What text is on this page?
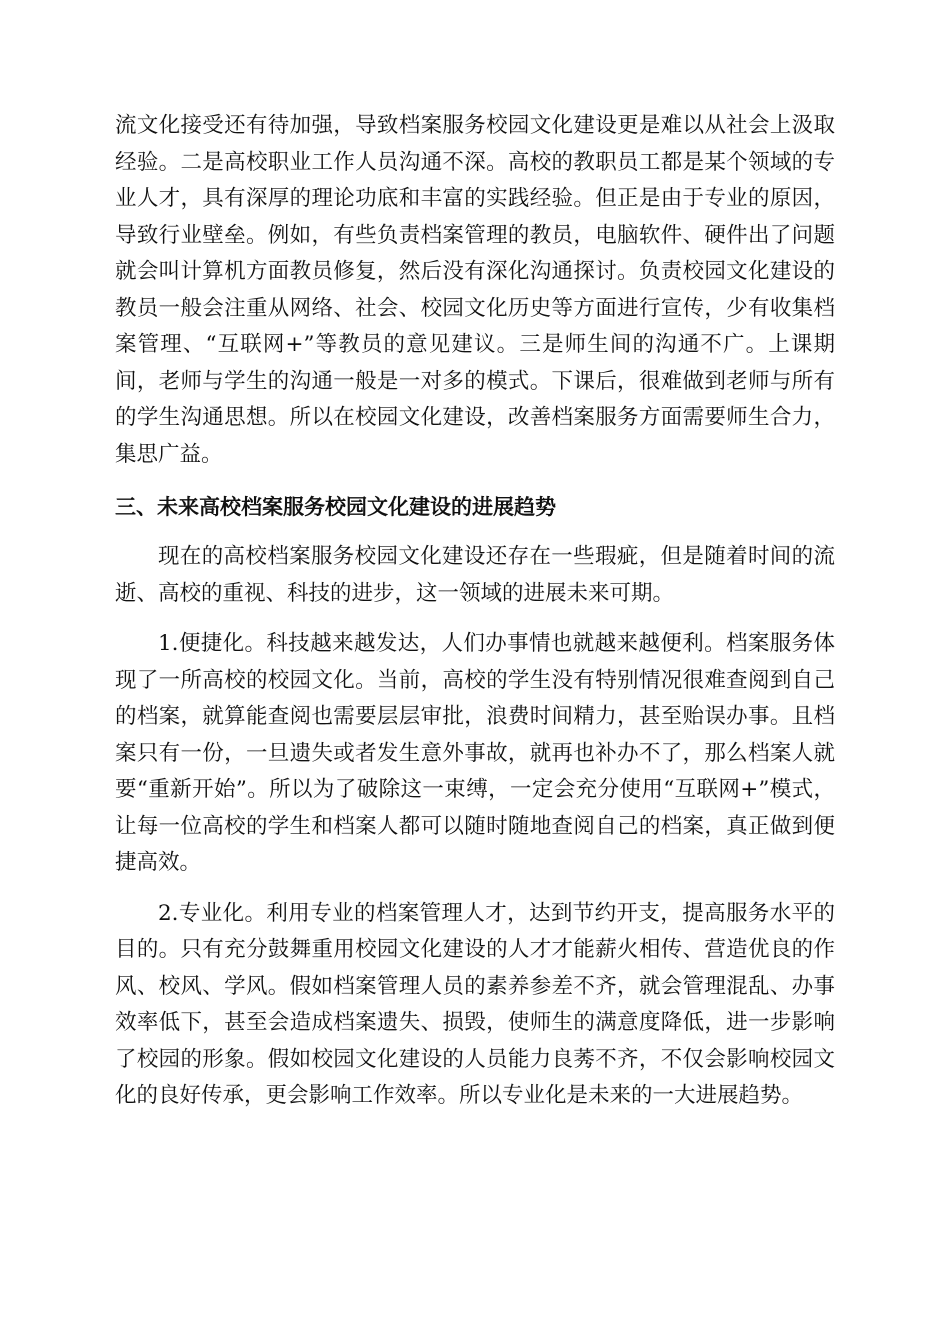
流文化接受还有待加强，导致档案服务校园文化建设更是难以从社会上汲取经验。二是高校职业工作人员沟通不深。高校的教职员工都是某个领域的专业人才，具有深厚的理论功底和丰富的实践经验。但正是由于专业的原因，导致行业壁垒。例如，有些负责档案管理的教员，电脑软件、硬件出了问题就会叫计算机方面教员修复，然后没有深化沟通探讨。负责校园文化建设的教员一般会注重从网络、社会、校园文化历史等方面进行宣传，少有收集档案管理、“互联网+”等教员的意见建议。三是师生间的沟通不广。上课期间，老师与学生的沟通一般是一对多的模式。下课后，很难做到老师与所有的学生沟通思想。所以在校园文化建设，改善档案服务方面需要师生合力，集思广益。

三、未来高校档案服务校园文化建设的进展趋势

现在的高校档案服务校园文化建设还存在一些瑕疵，但是随着时间的流逝、高校的重视、科技的进步，这一领域的进展未来可期。

1.便捷化。科技越来越发达，人们办事情也就越来越便利。档案服务体现了一所高校的校园文化。当前，高校的学生没有特别情况很难查阅到自己的档案，就算能查阅也需要层层审批，浪费时间精力，甚至贻误办事。且档案只有一份，一旦遗失或者发生意外事故，就再也补办不了，那么档案人就要“重新开始”。所以为了破除这一束缚，一定会充分使用“互联网+”模式，让每一位高校的学生和档案人都可以随时随地查阅自己的档案，真正做到便捷高效。

2.专业化。利用专业的档案管理人才，达到节约开支，提高服务水平的目的。只有充分鼓舞重用校园文化建设的人才才能薪火相传、营造优良的作风、校风、学风。假如档案管理人员的素养参差不齐，就会管理混乱、办事效率低下，甚至会造成档案遗失、损毁，使师生的满意度降低，进一步影响了校园的形象。假如校园文化建设的人员能力良莠不齐，不仅会影响校园文化的良好传承，更会影响工作效率。所以专业化是未来的一大进展趋势。
